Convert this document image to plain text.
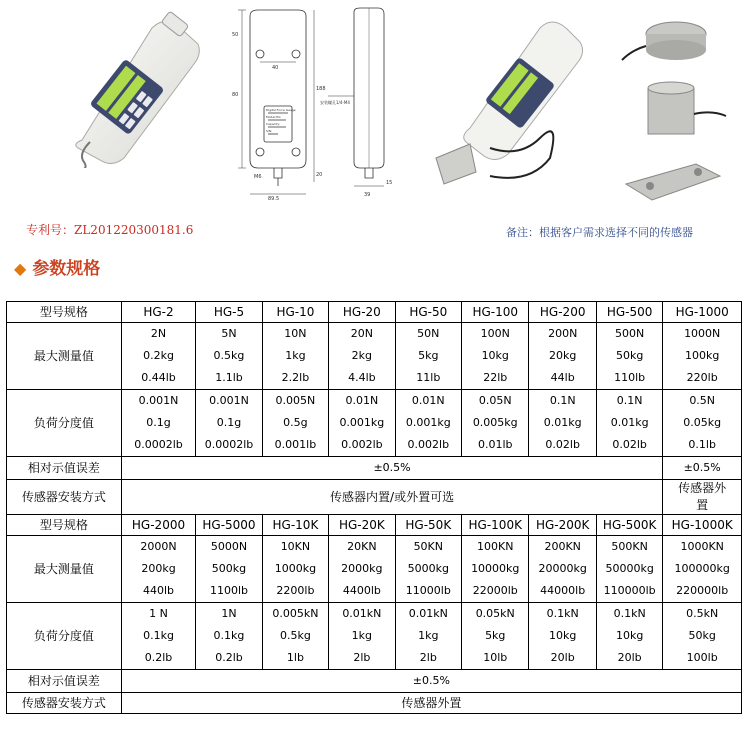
50
40
80
188
20
M6
89.5
15
39
安装螺孔1/4-M4
Digital Force Gauge
Model:HG
Capacity:
S/N:
专利号：ZL201220300181.6	备注：根据客户需求选择不同的传感器
◆ 参数规格
型号规格	HG-2	HG-5	HG-10	HG-20	HG-50	HG-100	HG-200	HG-500	HG-1000
最大测量值	2N
0.2kg
0.44lb	5N
0.5kg
1.1lb	10N
1kg
2.2lb	20N
2kg
4.4lb	50N
5kg
11lb	100N
10kg
22lb	200N
20kg
44lb	500N
50kg
110lb	1000N
100kg
220lb

负荷分度值	0.001N
0.1g
0.0002lb	0.001N
0.1g
0.0002lb	0.005N
0.5g
0.001lb	0.01N
0.001kg
0.002lb	0.01N
0.001kg
0.002lb	0.05N
0.005kg
0.01lb	0.1N
0.01kg
0.02lb	0.1N
0.01kg
0.02lb	0.5N
0.05kg
0.1lb

相对示值误差	±0.5%								±0.5%
传感器安装方式	传感器内置/或外置可选								传感器外
置

型号规格	HG-2000	HG-5000	HG-10K	HG-20K	HG-50K	HG-100K	HG-200K	HG-500K	HG-1000K
最大测量值	2000N
200kg
440lb	5000N
500kg
1100lb	10KN
1000kg
2200lb	20KN
2000kg
4400lb	50KN
5000kg
11000lb	100KN
10000kg
22000lb	200KN
20000kg
44000lb	500KN
50000kg
110000lb	1000KN
100000kg
220000lb

负荷分度值	1 N
0.1kg
0.2lb	1N
0.1kg
0.2lb	0.005kN
0.5kg
1lb	0.01kN
1kg
2lb	0.01kN
1kg
2lb	0.05kN
5kg
10lb	0.1kN
10kg
20lb	0.1kN
10kg
20lb	0.5kN
50kg
100lb

相对示值误差	±0.5%								
传感器安装方式	传感器外置								
